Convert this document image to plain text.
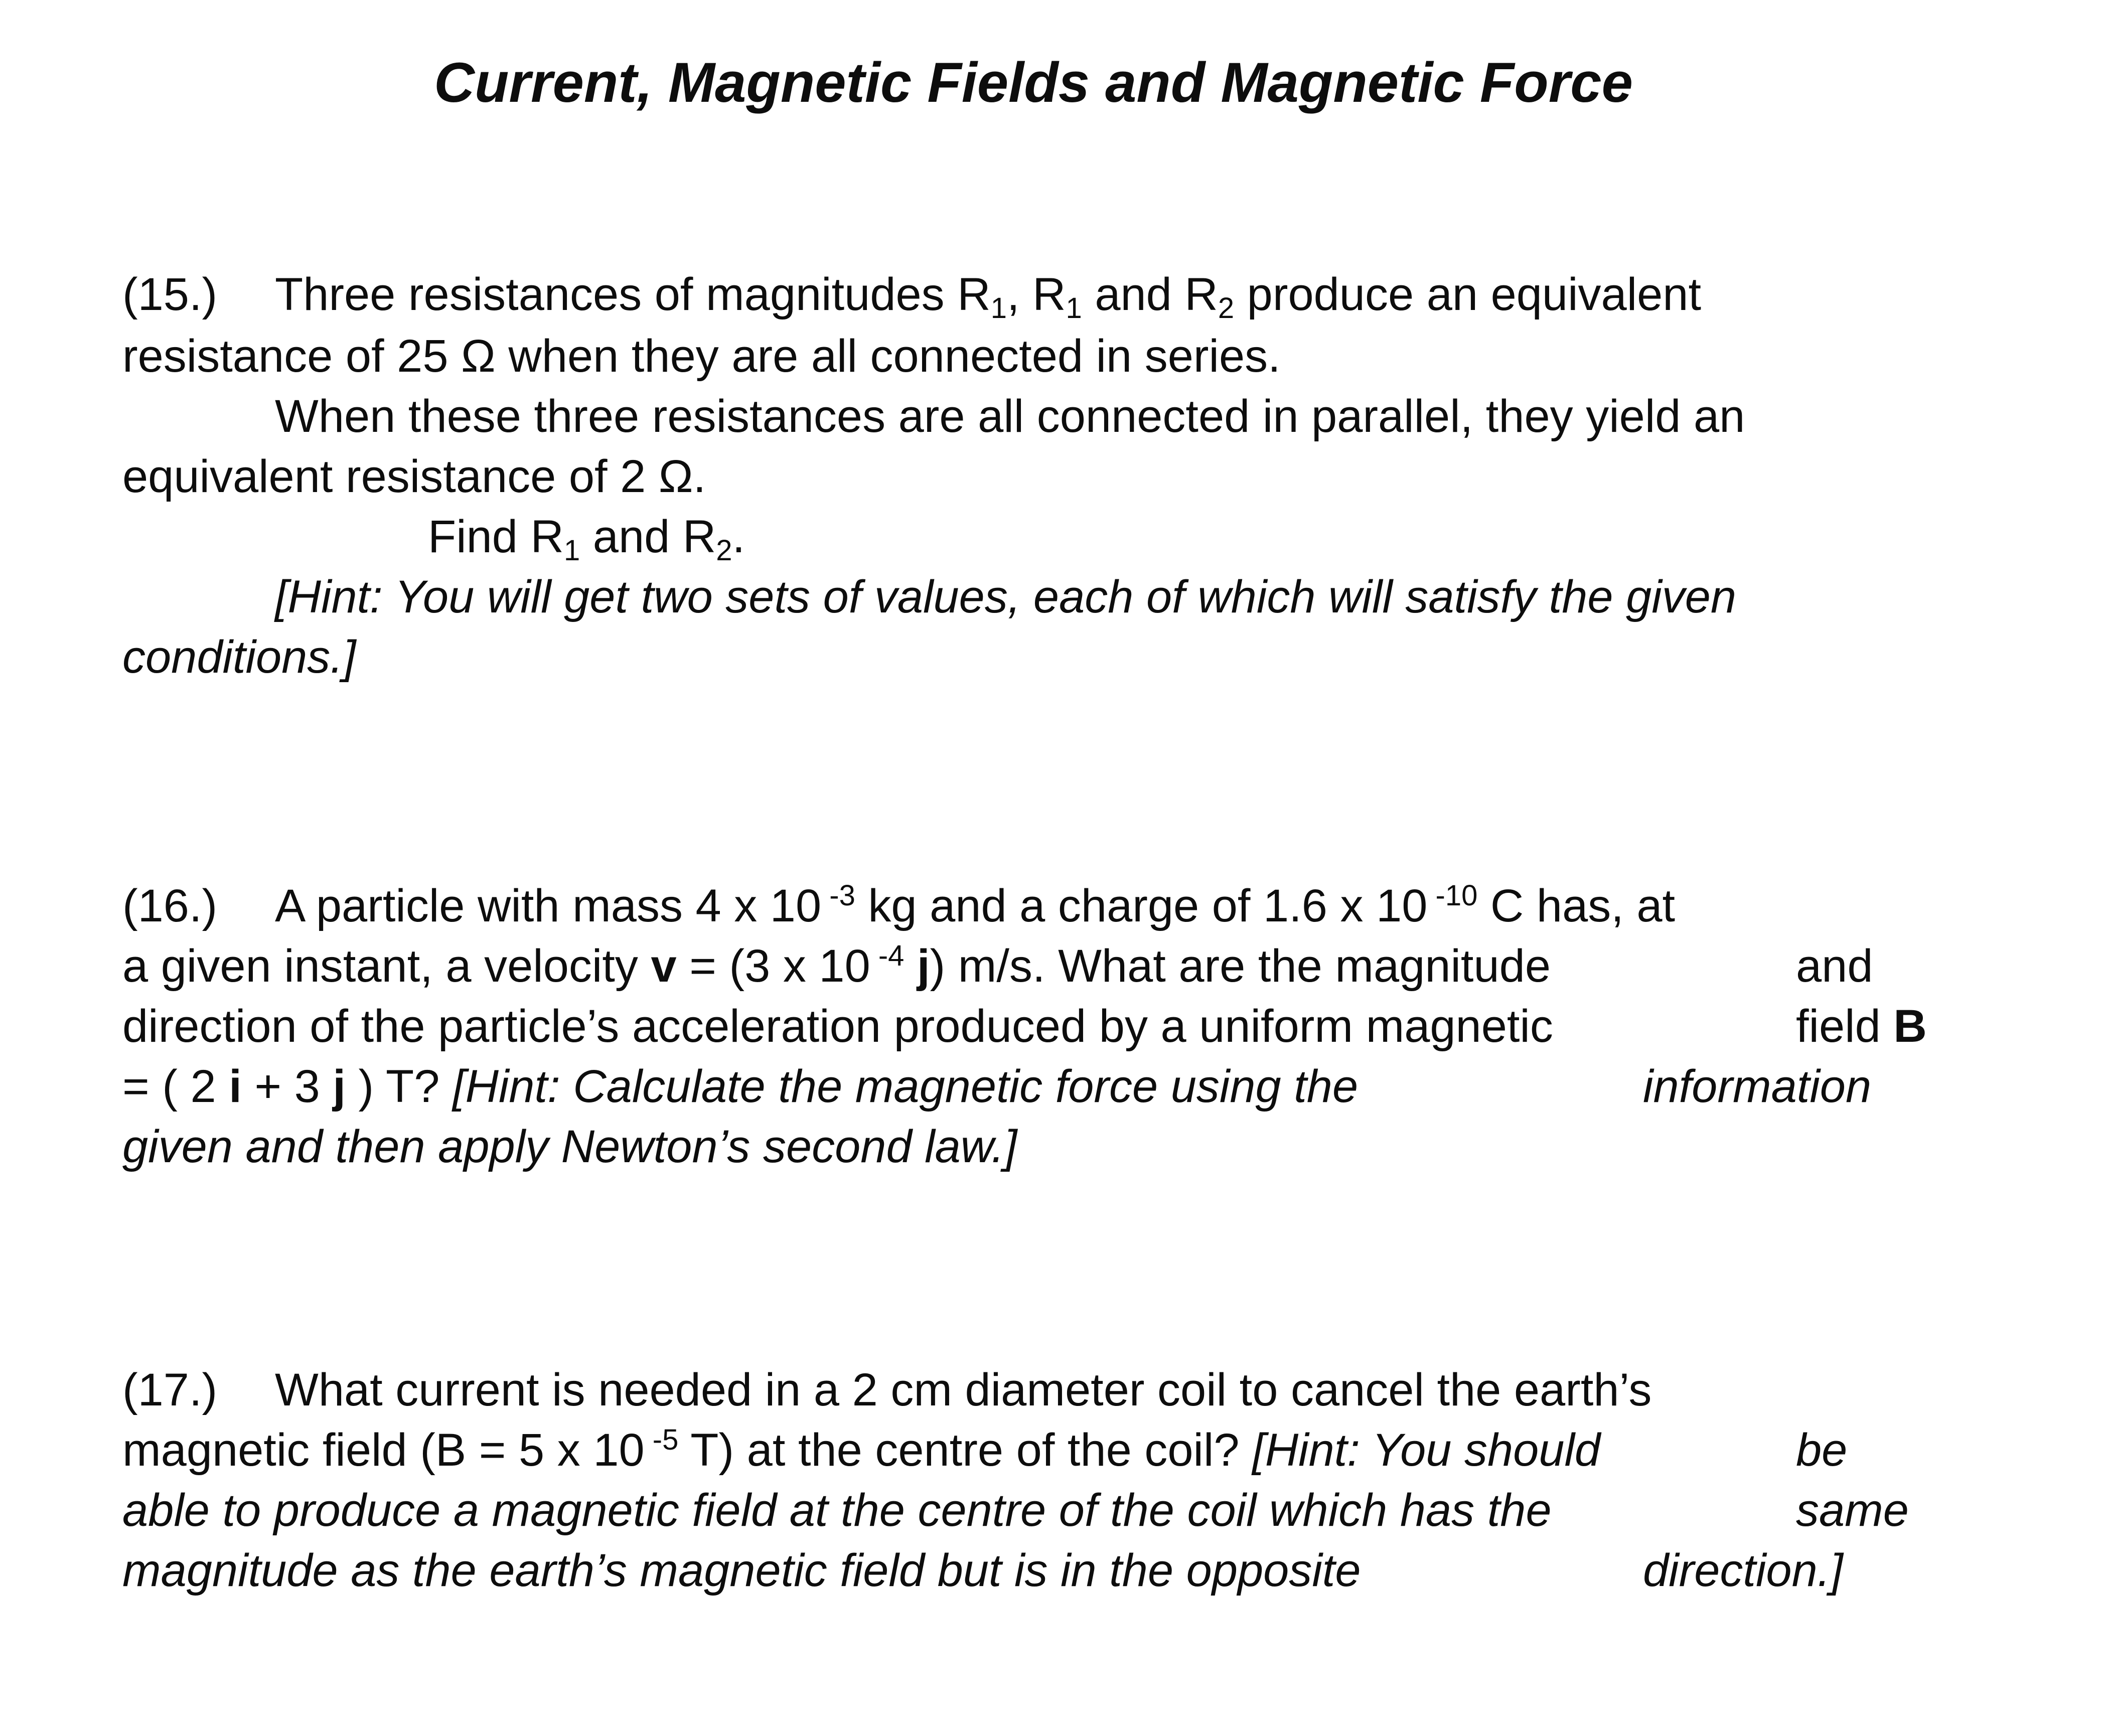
Current, Magnetic Fields and Magnetic Force
(15.) Three resistances of magnitudes $R_1$, $R_1$ and $R_2$ produce an equivalent
resistance of 25 Ω when they are all connected in series.
When these three resistances are all connected in parallel, they yield an
equivalent resistance of 2 Ω.
Find $R_1$ and $R_2$.
[Hint: You will get two sets of values, each of which will satisfy the given
conditions.]
(16.) A particle with mass 4 x 10 $^{-3}$ kg and a charge of 1.6 x 10 $^{-10}$ C has, at
a given instant, a velocity v = (3 x 10 $^{-4}$ j) m/s. What are the magnitude	and
direction of the particle’s acceleration produced by a uniform magnetic	field B
= ( 2 i + 3 j ) T? [Hint: Calculate the magnetic force using the	information
given and then apply Newton’s second law.]
(17.) What current is needed in a 2 cm diameter coil to cancel the earth’s
magnetic field (B = 5 x 10 $^{-5}$ T) at the centre of the coil? [Hint: You should	be
able to produce a magnetic field at the centre of the coil which has the	same
magnitude as the earth’s magnetic field but is in the opposite	direction.]
